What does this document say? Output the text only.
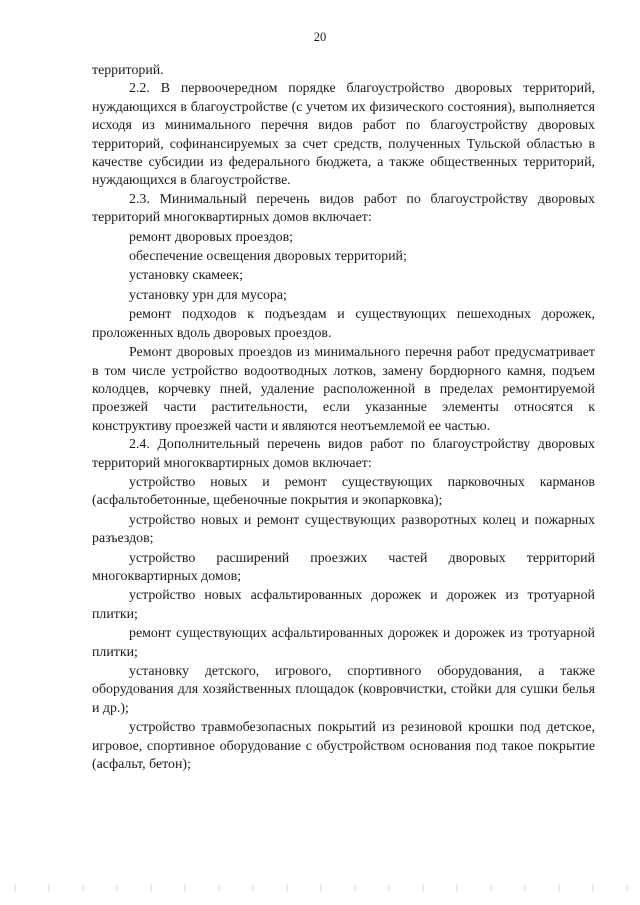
20

территорий.

2.2. В первоочередном порядке благоустройство дворовых территорий, нуждающихся в благоустройстве (с учетом их физического состояния), выполняется исходя из минимального перечня видов работ по благоустройству дворовых территорий, софинансируемых за счет средств, полученных Тульской областью в качестве субсидии из федерального бюджета, а также общественных территорий, нуждающихся в благоустройстве.

2.3. Минимальный перечень видов работ по благоустройству дворовых территорий многоквартирных домов включает:

ремонт дворовых проездов;

обеспечение освещения дворовых территорий;

установку скамеек;

установку урн для мусора;

ремонт подходов к подъездам и существующих пешеходных дорожек, проложенных вдоль дворовых проездов.

Ремонт дворовых проездов из минимального перечня работ предусматривает в том числе устройство водоотводных лотков, замену бордюрного камня, подъем колодцев, корчевку пней, удаление расположенной в пределах ремонтируемой проезжей части растительности, если указанные элементы относятся к конструктиву проезжей части и являются неотъемлемой ее частью.

2.4. Дополнительный перечень видов работ по благоустройству дворовых территорий многоквартирных домов включает:

устройство новых и ремонт существующих парковочных карманов (асфальтобетонные, щебеночные покрытия и экопарковка);

устройство новых и ремонт существующих разворотных колец и пожарных разъездов;

устройство расширений проезжих частей дворовых территорий многоквартирных домов;

устройство новых асфальтированных дорожек и дорожек из тротуарной плитки;

ремонт существующих асфальтированных дорожек и дорожек из тротуарной плитки;

установку детского, игрового, спортивного оборудования, а также оборудования для хозяйственных площадок (ковровчистки, стойки для сушки белья и др.);

устройство травмобезопасных покрытий из резиновой крошки под детское, игровое, спортивное оборудование с обустройством основания под такое покрытие (асфальт, бетон);
